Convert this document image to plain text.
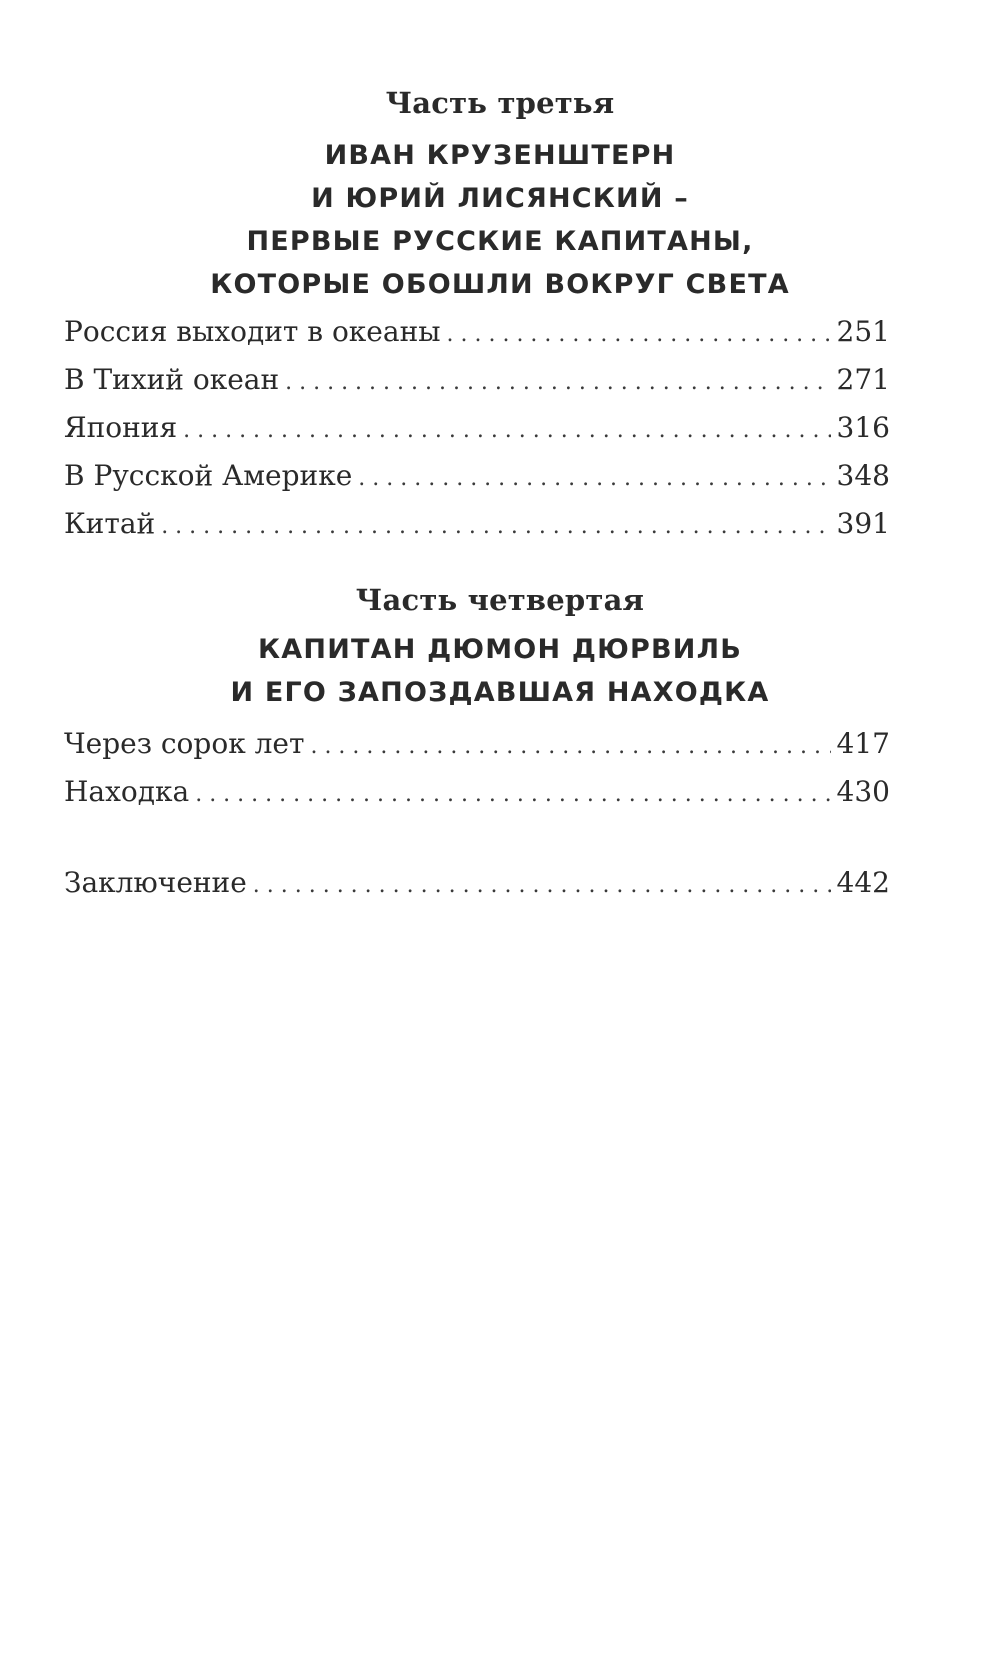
Часть третья
ИВАН КРУЗЕНШТЕРН
И ЮРИЙ ЛИСЯНСКИЙ –
ПЕРВЫЕ РУССКИЕ КАПИТАНЫ,
КОТОРЫЕ ОБОШЛИ ВОКРУГ СВЕТА
Россия выходит в океаны . . .	251
В Тихий океан . . .	271
Япония . . .	316
В Русской Америке . . .	348
Китай . . .	391
Часть четвертая
КАПИТАН ДЮМОН ДЮРВИЛЬ
И ЕГО ЗАПОЗДАВШАЯ НАХОДКА
Через сорок лет . . .	417
Находка . . .	430
Заключение . . .	442
